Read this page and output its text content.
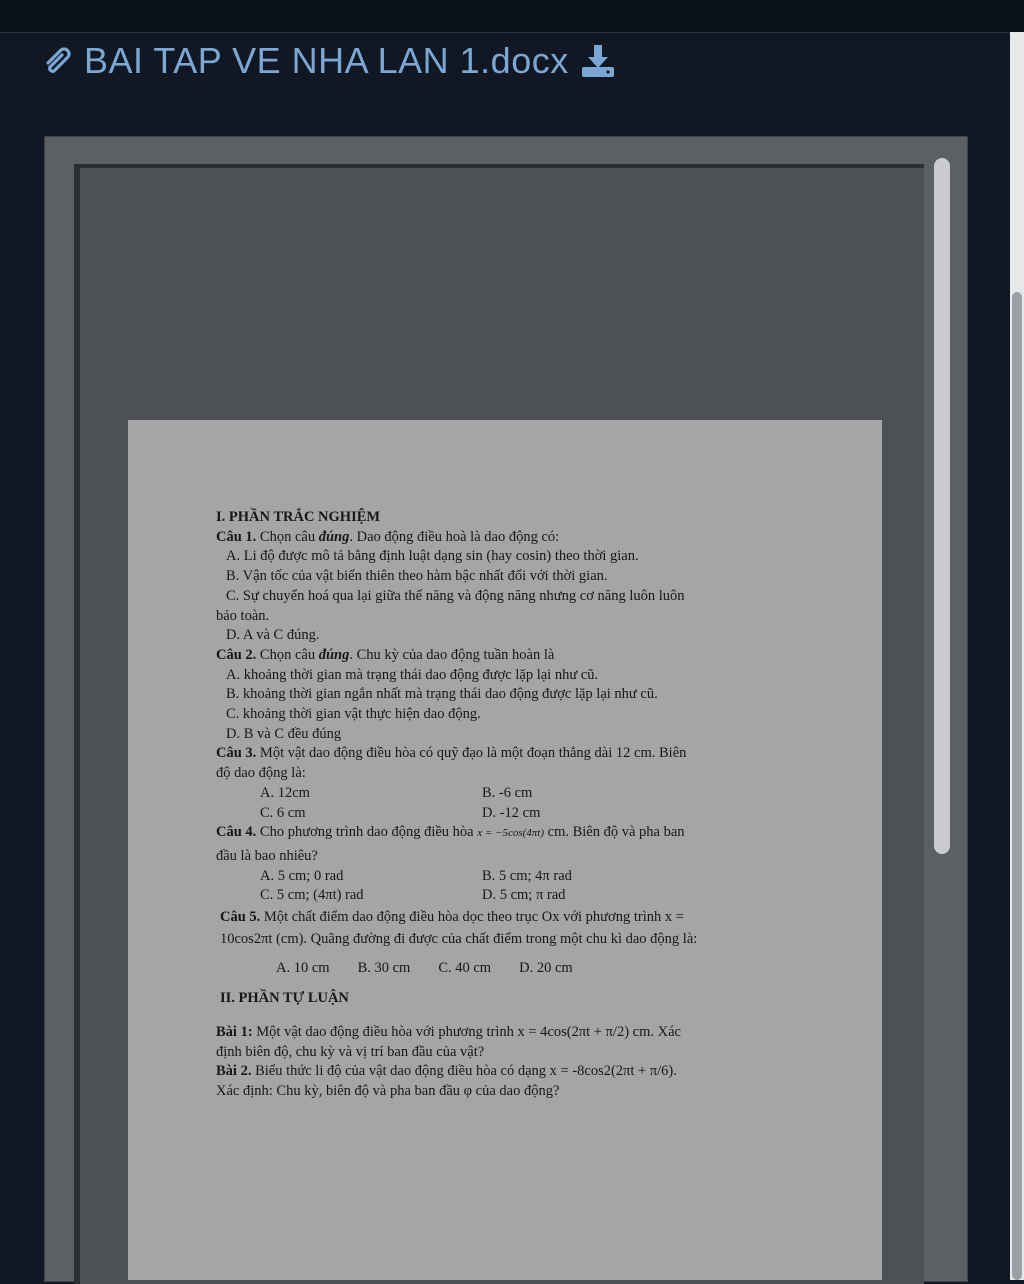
BAI TAP VE NHA LAN 1.docx

I. PHẦN TRẮC NGHIỆM

Câu 1. Chọn câu đúng. Dao động điều hoà là dao động có:

A. Li độ được mô tả bằng định luật dạng sin (hay cosin) theo thời gian.

B. Vận tốc của vật biến thiên theo hàm bậc nhất đối với thời gian.

C. Sự chuyển hoá qua lại giữa thế năng và động năng nhưng cơ năng luôn luôn

bảo toàn.

D. A và C đúng.

Câu 2. Chọn câu đúng. Chu kỳ của dao động tuần hoàn là

A. khoảng thời gian mà trạng thái dao động được lặp lại như cũ.

B. khoảng thời gian ngắn nhất mà trạng thái dao động được lặp lại như cũ.

C. khoảng thời gian vật thực hiện dao động.

D. B và C đều đúng

Câu 3. Một vật dao động điều hòa có quỹ đạo là một đoạn thẳng dài 12 cm. Biên

độ dao động là:

A. 12cm	B. -6 cm
C. 6 cm	D. -12 cm

Câu 4. Cho phương trình dao động điều hòa x = −5cos(4πt) cm. Biên độ và pha ban

đầu là bao nhiêu?

A. 5 cm; 0 rad	B. 5 cm; 4π rad
C. 5 cm; (4πt) rad	D. 5 cm; π rad

Câu 5. Một chất điểm dao động điều hòa dọc theo trục Ox với phương trình x =

10cos2πt (cm). Quãng đường đi được của chất điểm trong một chu kì dao động là:

A. 10 cm B. 30 cm C. 40 cm D. 20 cm

II. PHẦN TỰ LUẬN

Bài 1: Một vật dao động điều hòa với phương trình x = 4cos(2πt + π/2) cm. Xác

định biên độ, chu kỳ và vị trí ban đầu của vật?

Bài 2. Biểu thức li độ của vật dao động điều hòa có dạng x = -8cos2(2πt + π/6).

Xác định: Chu kỳ, biên độ và pha ban đầu φ của dao động?
